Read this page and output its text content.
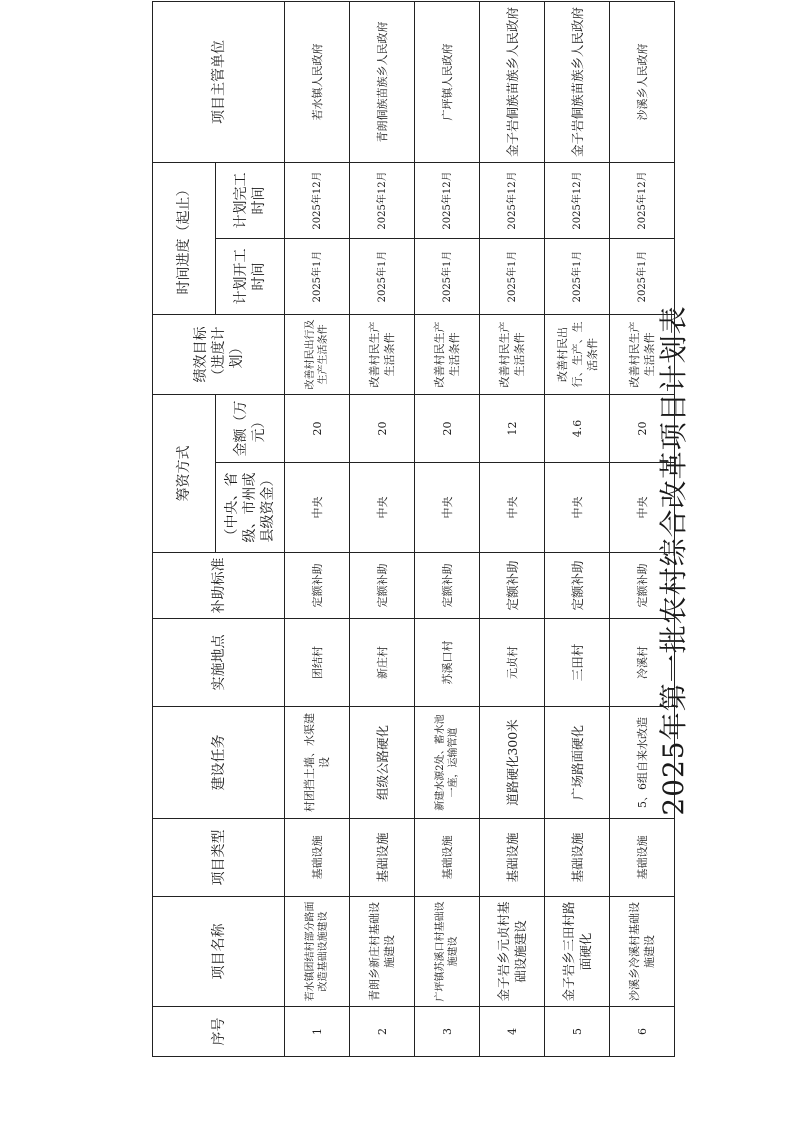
2025年第一批农村综合改革项目计划表
序号	项目名称	项目类型	建设任务	实施地点	补助标准	筹资方式		绩效目标（进度计划）	时间进度（起止）		项目主管单位
						（中央、省级、市州或县级资金）	金额（万元）		计划开工时间	计划完工时间	
1	若水镇团结村部分路面改造基础设施建设	基础设施	村团挡土墙、水渠建设	团结村	定额补助	中央	20	改善村民出行及生产生活条件	2025年1月	2025年12月	若水镇人民政府
2	青朗乡新庄村基础设施建设	基础设施	组级公路硬化	新庄村	定额补助	中央	20	改善村民生产生活条件	2025年1月	2025年12月	青朗侗族苗族乡人民政府
3	广坪镇苏溪口村基础设施建设	基础设施	新建水源2处、蓄水池一座，运输管道	苏溪口村	定额补助	中央	20	改善村民生产生活条件	2025年1月	2025年12月	广坪镇人民政府
4	金子岩乡元贞村基础设施建设	基础设施	道路硬化300米	元贞村	定额补助	中央	12	改善村民生产生活条件	2025年1月	2025年12月	金子岩侗族苗族乡人民政府
5	金子岩乡三田村路面硬化	基础设施	广场路面硬化	三田村	定额补助	中央	4.6	改善村民出行、生产、生活条件	2025年1月	2025年12月	金子岩侗族苗族乡人民政府
6	沙溪乡冷溪村基础设施建设	基础设施	5、6组自来水改造	冷溪村	定额补助	中央	20	改善村民生产生活条件	2025年1月	2025年12月	沙溪乡人民政府
